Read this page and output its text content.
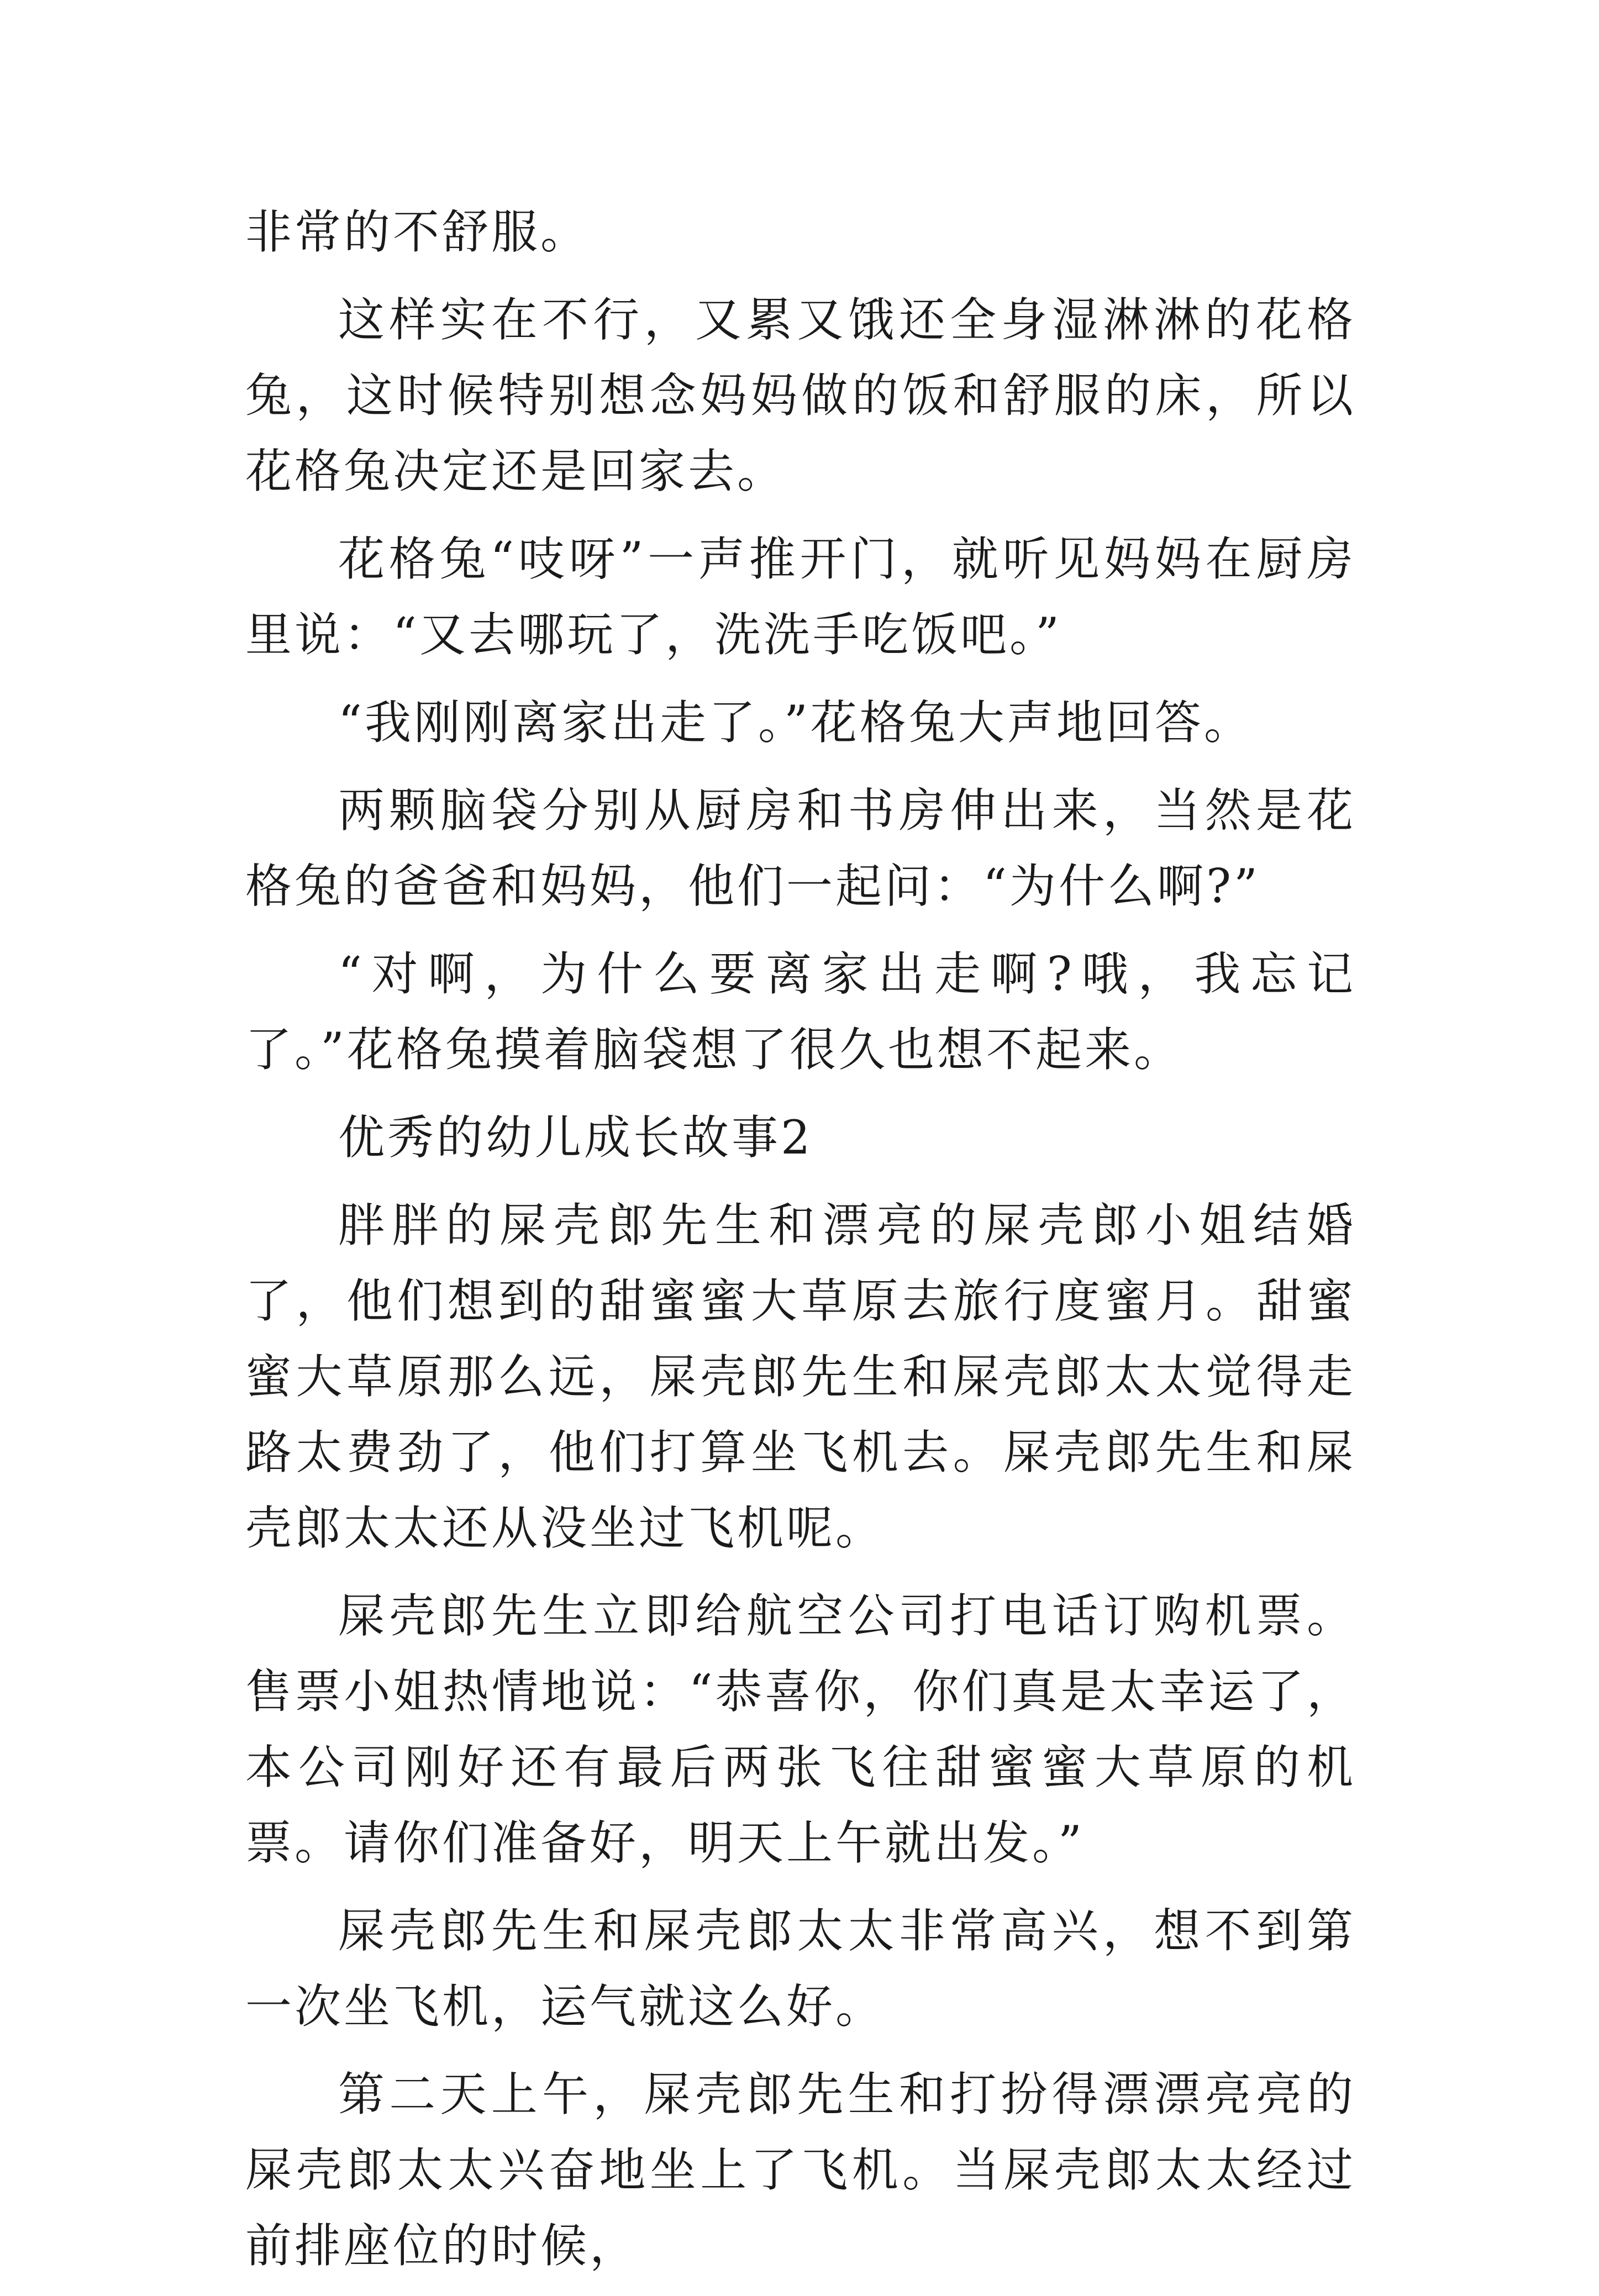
非常的不舒服。

这样实在不行，又累又饿还全身湿淋淋的花格兔，这时候特别想念妈妈做的饭和舒服的床，所以花格兔决定还是回家去。

花格兔“吱呀”一声推开门，就听见妈妈在厨房里说：“又去哪玩了，洗洗手吃饭吧。”

“我刚刚离家出走了。”花格兔大声地回答。

两颗脑袋分别从厨房和书房伸出来，当然是花格兔的爸爸和妈妈，他们一起问：“为什么啊?”

“对啊，为什么要离家出走啊?哦，我忘记了。”花格兔摸着脑袋想了很久也想不起来。

优秀的幼儿成长故事2

胖胖的屎壳郎先生和漂亮的屎壳郎小姐结婚了，他们想到的甜蜜蜜大草原去旅行度蜜月。甜蜜蜜大草原那么远，屎壳郎先生和屎壳郎太太觉得走路太费劲了，他们打算坐飞机去。屎壳郎先生和屎壳郎太太还从没坐过飞机呢。

屎壳郎先生立即给航空公司打电话订购机票。售票小姐热情地说：“恭喜你，你们真是太幸运了，本公司刚好还有最后两张飞往甜蜜蜜大草原的机票。请你们准备好，明天上午就出发。”

屎壳郎先生和屎壳郎太太非常高兴，想不到第一次坐飞机，运气就这么好。

第二天上午，屎壳郎先生和打扮得漂漂亮亮的屎壳郎太太兴奋地坐上了飞机。当屎壳郎太太经过前排座位的时候，
